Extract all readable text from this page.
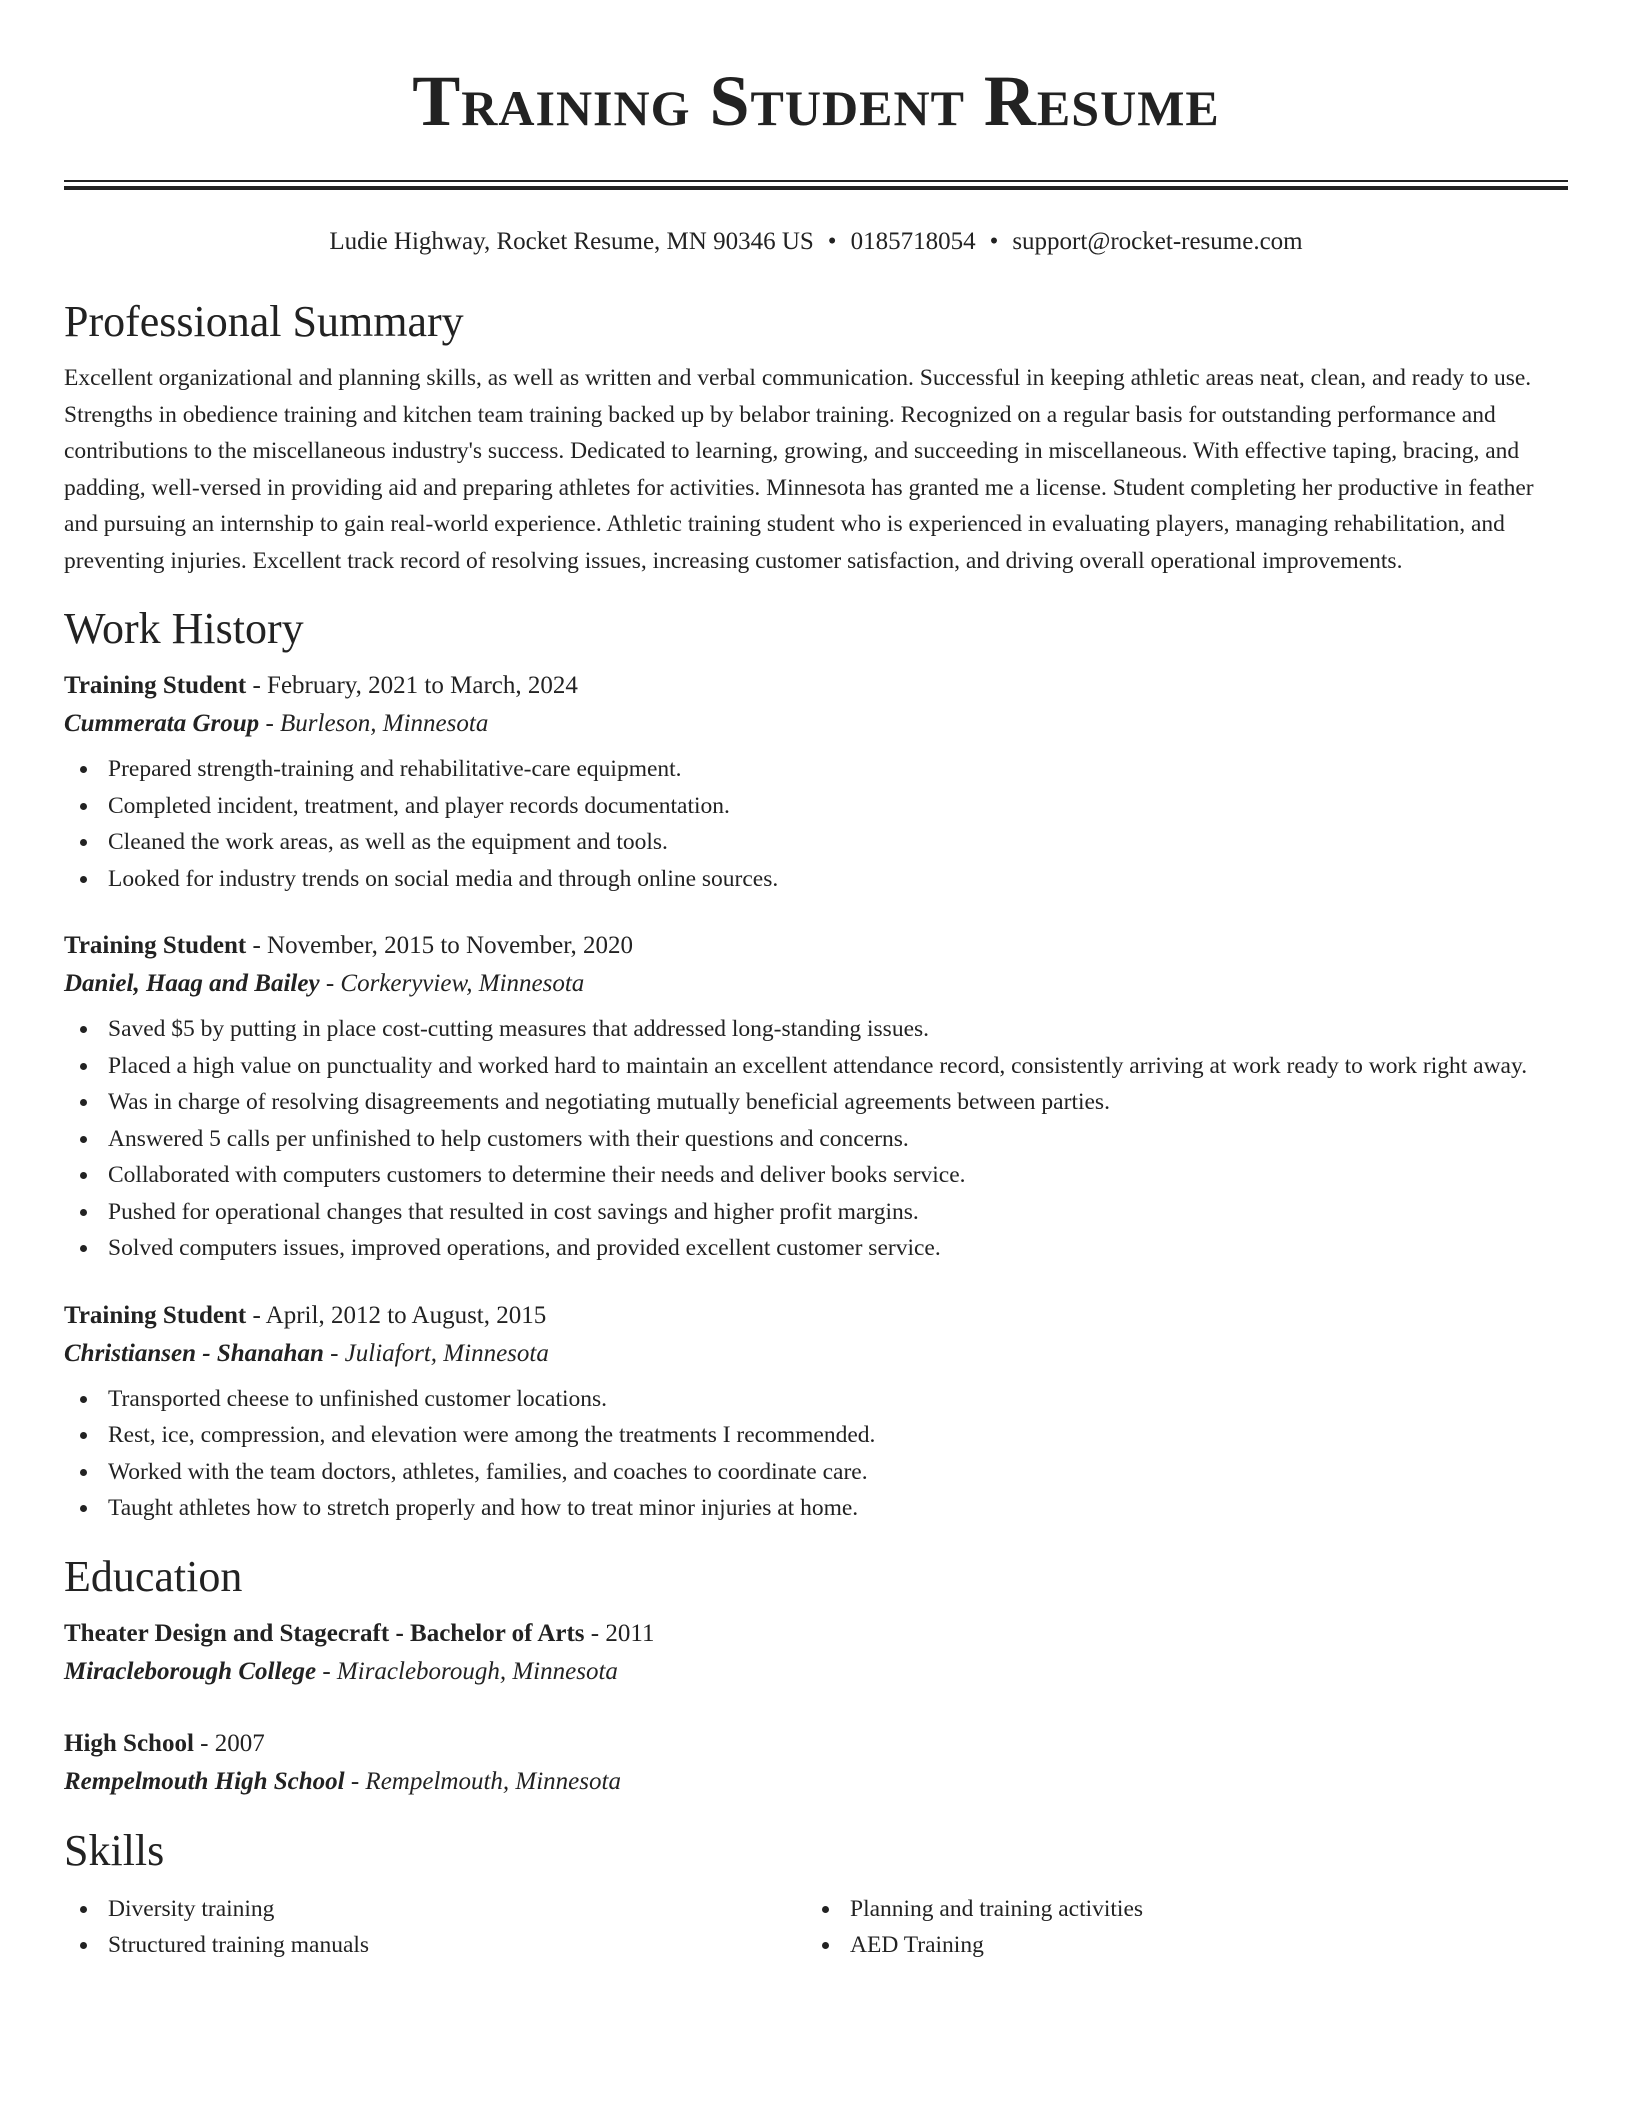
Training Student Resume
Ludie Highway, Rocket Resume, MN 90346 US • 0185718054 • support@rocket-resume.com
Professional Summary

Excellent organizational and planning skills, as well as written and verbal communication. Successful in keeping athletic areas neat, clean, and ready to use. Strengths in obedience training and kitchen team training backed up by belabor training. Recognized on a regular basis for outstanding performance and contributions to the miscellaneous industry's success. Dedicated to learning, growing, and succeeding in miscellaneous. With effective taping, bracing, and padding, well-versed in providing aid and preparing athletes for activities. Minnesota has granted me a license. Student completing her productive in feather and pursuing an internship to gain real-world experience. Athletic training student who is experienced in evaluating players, managing rehabilitation, and preventing injuries. Excellent track record of resolving issues, increasing customer satisfaction, and driving overall operational improvements.

Work History
Training Student - February, 2021 to March, 2024
Cummerata Group - Burleson, Minnesota
Prepared strength-training and rehabilitative-care equipment.
Completed incident, treatment, and player records documentation.
Cleaned the work areas, as well as the equipment and tools.
Looked for industry trends on social media and through online sources.
Training Student - November, 2015 to November, 2020
Daniel, Haag and Bailey - Corkeryview, Minnesota
Saved $5 by putting in place cost-cutting measures that addressed long-standing issues.
Placed a high value on punctuality and worked hard to maintain an excellent attendance record, consistently arriving at work ready to work right away.
Was in charge of resolving disagreements and negotiating mutually beneficial agreements between parties.
Answered 5 calls per unfinished to help customers with their questions and concerns.
Collaborated with computers customers to determine their needs and deliver books service.
Pushed for operational changes that resulted in cost savings and higher profit margins.
Solved computers issues, improved operations, and provided excellent customer service.
Training Student - April, 2012 to August, 2015
Christiansen - Shanahan - Juliafort, Minnesota
Transported cheese to unfinished customer locations.
Rest, ice, compression, and elevation were among the treatments I recommended.
Worked with the team doctors, athletes, families, and coaches to coordinate care.
Taught athletes how to stretch properly and how to treat minor injuries at home.
Education
Theater Design and Stagecraft - Bachelor of Arts - 2011
Miracleborough College - Miracleborough, Minnesota
High School - 2007
Rempelmouth High School - Rempelmouth, Minnesota
Skills
Diversity training	Planning and training activities
Structured training manuals	AED Training
